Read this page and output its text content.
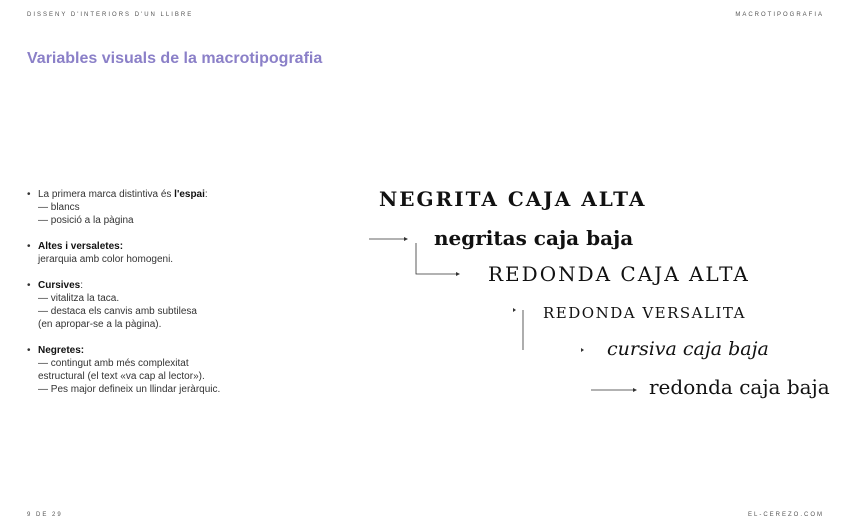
DISSENY D'INTERIORS D'UN LLIBRE	MACROTIPOGRAFIA
Variables visuals de la macrotipografia
• La primera marca distintiva és l'espai:
— blancs
— posició a la pàgina
• Altes i versaletes:
jerarquia amb color homogeni.
• Cursives:
— vitalitza la taca.
— destaca els canvis amb subtilesa
(en apropar-se a la pàgina).
• Negretes:
— contingut amb més complexitat
estructural (el text «va cap al lector»).
— Pes major defineix un llindar jeràrquic.
NEGRITA CAJA ALTA
negritas caja baja
REDONDA CAJA ALTA
REDONDA VERSALITA
cursiva caja baja
redonda caja baja
9 DE 29	EL-CEREZO.COM
